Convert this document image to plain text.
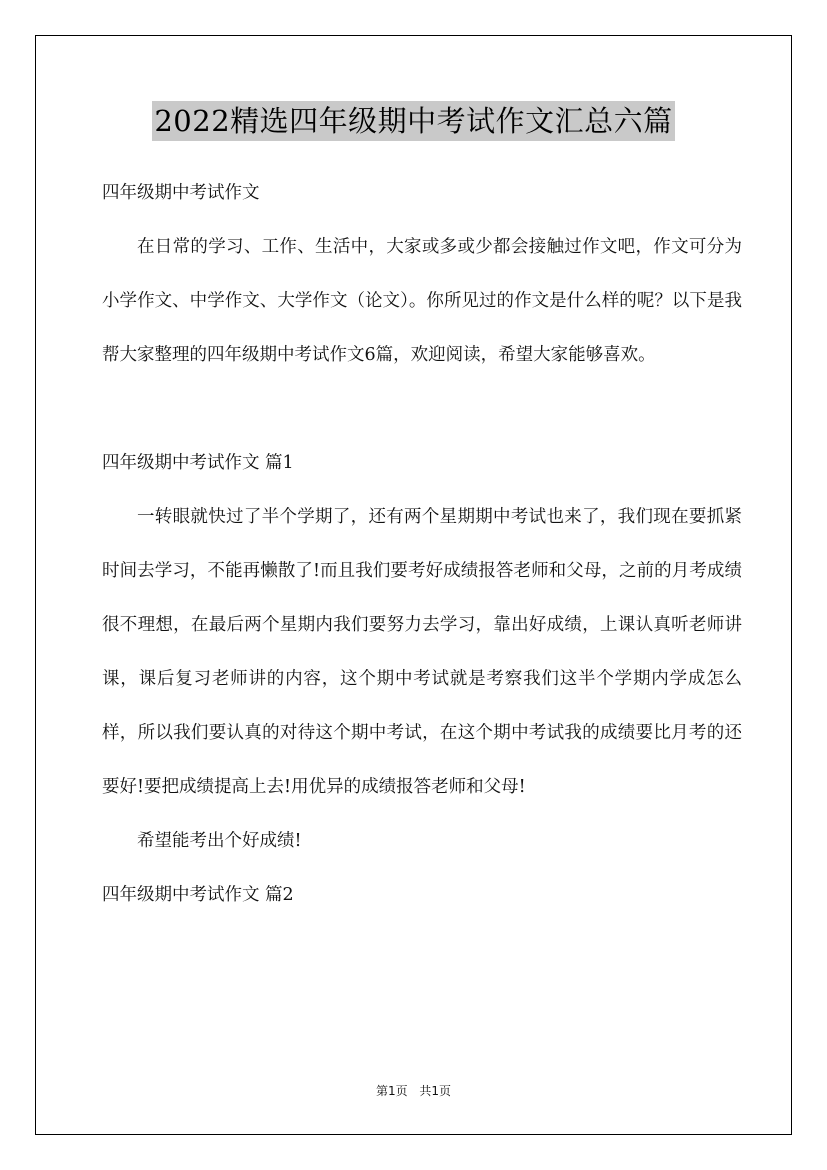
2022精选四年级期中考试作文汇总六篇

四年级期中考试作文

在日常的学习、工作、生活中，大家或多或少都会接触过作文吧，作文可分为小学作文、中学作文、大学作文（论文）。你所见过的作文是什么样的呢？以下是我帮大家整理的四年级期中考试作文6篇，欢迎阅读，希望大家能够喜欢。

四年级期中考试作文 篇1

一转眼就快过了半个学期了，还有两个星期期中考试也来了，我们现在要抓紧时间去学习，不能再懒散了!而且我们要考好成绩报答老师和父母，之前的月考成绩很不理想，在最后两个星期内我们要努力去学习，靠出好成绩，上课认真听老师讲课，课后复习老师讲的内容，这个期中考试就是考察我们这半个学期内学成怎么样，所以我们要认真的对待这个期中考试，在这个期中考试我的成绩要比月考的还要好!要把成绩提高上去!用优异的成绩报答老师和父母!

希望能考出个好成绩!

四年级期中考试作文 篇2

第1页 共1页
